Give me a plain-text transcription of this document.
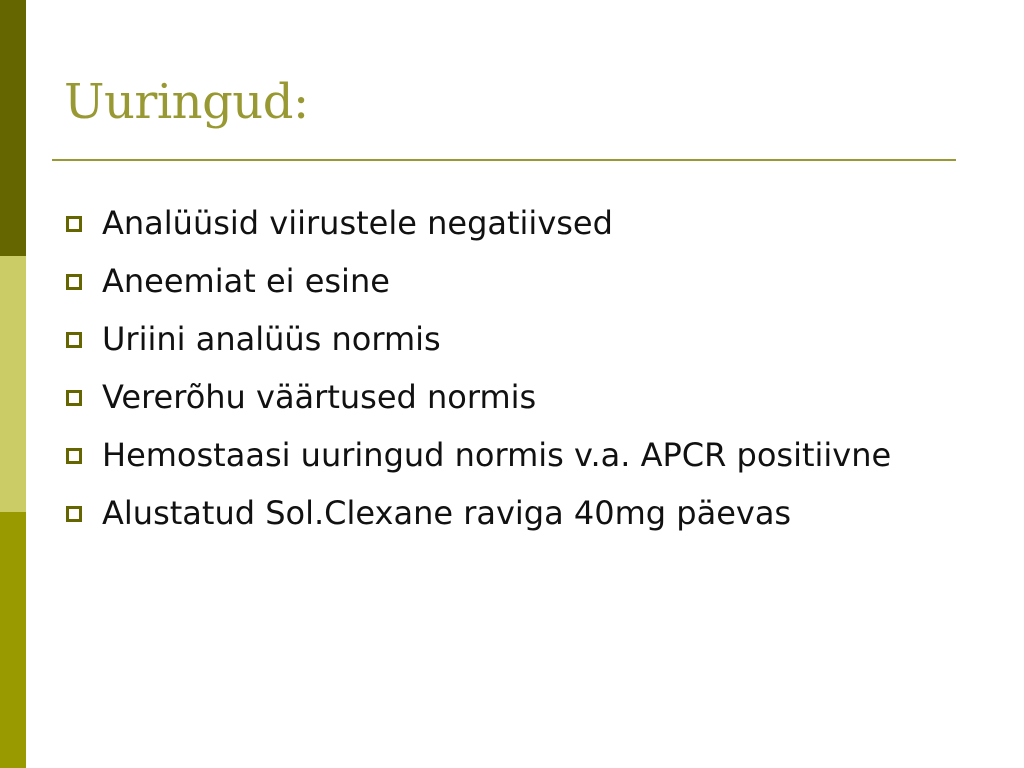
Uuringud:
Analüüsid viirustele negatiivsed
Aneemiat ei esine
Uriini analüüs normis
Vererõhu väärtused normis
Hemostaasi uuringud normis v.a. APCR positiivne
Alustatud Sol.Clexane raviga 40mg päevas
